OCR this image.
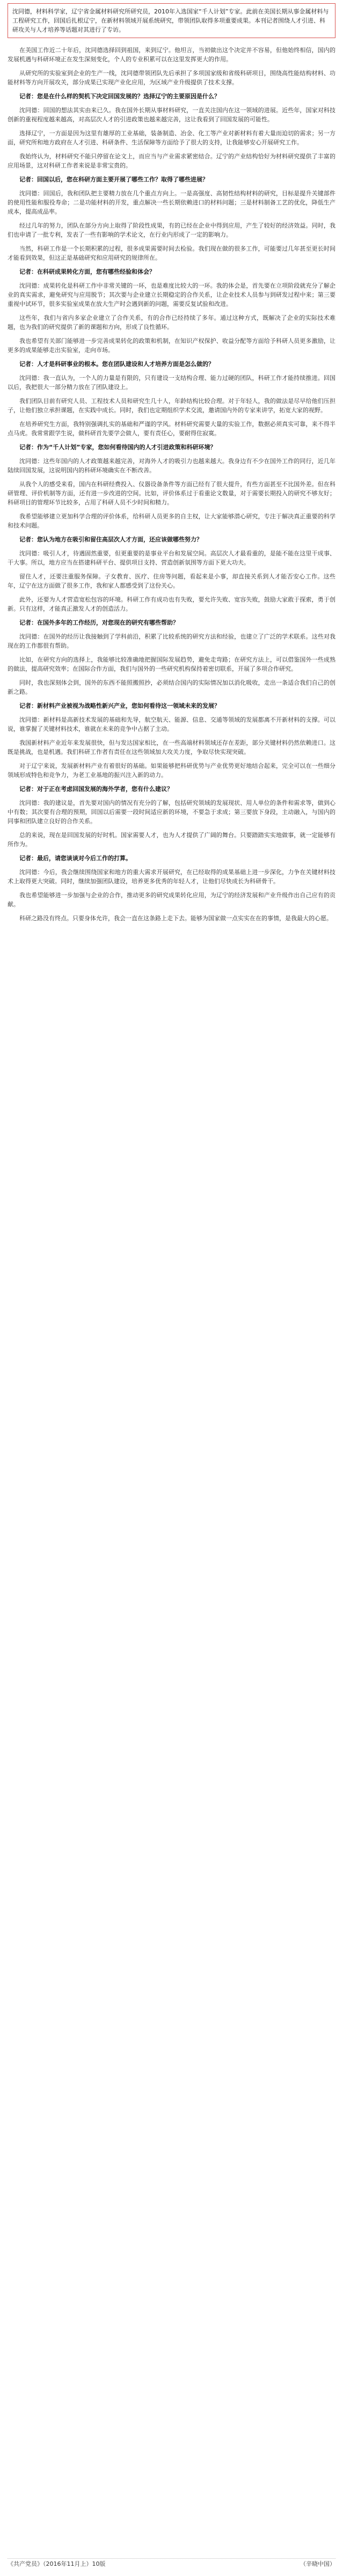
沈同德，材料科学家，辽宁省金属材料研究所研究员，2010年入选国家“千人计划”专家。此前在美国长期从事金属材料与工程研究工作，回国后扎根辽宁，在新材料领域开展系统研究，带领团队取得多项重要成果。本刊记者围绕人才引进、科研攻关与人才培养等话题对其进行了专访。

在美国工作近二十年后，沈同德选择回到祖国，来到辽宁。他坦言，当初做出这个决定并不容易，但他始终相信，国内的发展机遇与科研环境正在发生深刻变化，个人的专业积累可以在这里发挥更大的作用。

从研究所的实验室到企业的生产一线，沈同德带领团队先后承担了多项国家级和省级科研项目，围绕高性能结构材料、功能材料等方向开展攻关，部分成果已实现产业化应用，为区域产业升级提供了技术支撑。

记者：您是在什么样的契机下决定回国发展的？选择辽宁的主要原因是什么？

沈同德：回国的想法其实由来已久。我在国外长期从事材料研究，一直关注国内在这一领域的进展。近些年，国家对科技创新的重视程度越来越高，对高层次人才的引进政策也越来越完善，这让我看到了回国发展的可能性。

选择辽宁，一方面是因为这里有雄厚的工业基础，装备制造、冶金、化工等产业对新材料有着大量而迫切的需求；另一方面，研究所和地方政府在人才引进、科研条件、生活保障等方面给予了很大的支持，让我能够安心开展研究工作。

我始终认为，材料研究不能只停留在论文上，而应当与产业需求紧密结合。辽宁的产业结构恰好为材料研究提供了丰富的应用场景，这对科研工作者来说是非常宝贵的。

记者：回国以后，您在科研方面主要开展了哪些工作？取得了哪些进展？

沈同德：回国后，我和团队把主要精力放在几个重点方向上。一是高强度、高韧性结构材料的研究，目标是提升关键部件的使用性能和服役寿命；二是功能材料的开发，重点解决一些长期依赖进口的材料问题；三是材料制备工艺的优化，降低生产成本，提高成品率。

经过几年的努力，团队在部分方向上取得了阶段性成果，有的已经在企业中得到应用，产生了较好的经济效益。同时，我们也申请了一批专利，发表了一些有影响的学术论文，在行业内形成了一定的影响力。

当然，科研工作是一个长期积累的过程，很多成果需要时间去检验。我们现在做的很多工作，可能要过几年甚至更长时间才能看到效果，但这正是基础研究和应用研究的规律所在。

记者：在科研成果转化方面，您有哪些经验和体会？

沈同德：成果转化是科研工作中非常关键的一环，也是难度比较大的一环。我的体会是，首先要在立项阶段就充分了解企业的真实需求，避免研究与应用脱节；其次要与企业建立长期稳定的合作关系，让企业技术人员参与到研发过程中来；第三要重视中试环节，很多实验室成果在放大生产时会遇到新的问题，需要反复试验和改进。

这些年，我们与省内多家企业建立了合作关系，有的合作已经持续了多年。通过这种方式，既解决了企业的实际技术难题，也为我们的研究提供了新的课题和方向，形成了良性循环。

我也希望有关部门能够进一步完善成果转化的政策和机制，在知识产权保护、收益分配等方面给予科研人员更多激励，让更多的成果能够走出实验室，走向市场。

记者：人才是科研事业的根本。您在团队建设和人才培养方面是怎么做的？

沈同德：我一直认为，一个人的力量是有限的，只有建设一支结构合理、能力过硬的团队，科研工作才能持续推进。回国以后，我把很大一部分精力放在了团队建设上。

我们团队目前有研究人员、工程技术人员和研究生几十人，年龄结构比较合理。对于年轻人，我的做法是尽早给他们压担子，让他们独立承担课题，在实践中成长。同时，我们也定期组织学术交流，邀请国内外的专家来讲学，拓宽大家的视野。

在培养研究生方面，我特别强调扎实的基础和严谨的学风。材料研究需要大量的实验工作，数据必须真实可靠，来不得半点马虎。我常常跟学生说，做科研首先要学会做人，要有责任心，要耐得住寂寞。

记者：作为“千人计划”专家，您如何看待国内的人才引进政策和科研环境？

沈同德：这些年国内的人才政策越来越完善，对海外人才的吸引力也越来越大。我身边有不少在国外工作的同行，近几年陆续回国发展，这说明国内的科研环境确实在不断改善。

从我个人的感受来看，国内在科研经费投入、仪器设备条件等方面已经有了很大提升，有些方面甚至不比国外差。但在科研管理、评价机制等方面，还有进一步改进的空间。比如，评价体系过于看重论文数量，对于需要长期投入的研究不够友好；科研项目的管理环节比较多，占用了科研人员不少时间和精力。

我希望能够建立更加科学合理的评价体系，给科研人员更多的自主权，让大家能够潜心研究，专注于解决真正重要的科学和技术问题。

记者：您认为地方在吸引和留住高层次人才方面，还应该做哪些努力？

沈同德：吸引人才，待遇固然重要，但更重要的是事业平台和发展空间。高层次人才最看重的，是能不能在这里干成事、干大事。所以，地方应当在搭建科研平台、提供项目支持、营造创新氛围等方面下更大功夫。

留住人才，还要注重服务保障。子女教育、医疗、住房等问题，看起来是小事，却直接关系到人才能否安心工作。这些年，辽宁在这方面做了很多工作，我和家人都感受到了这份关心。

此外，还要为人才营造宽松包容的环境。科研工作有成功也有失败，要允许失败、宽容失败，鼓励大家敢于探索，勇于创新。只有这样，才能真正激发人才的创造活力。

记者：在国外多年的工作经历，对您现在的研究有哪些帮助？

沈同德：在国外的经历让我接触到了学科前沿，积累了比较系统的研究方法和经验，也建立了广泛的学术联系。这些对我现在的工作都很有帮助。

比如，在研究方向的选择上，我能够比较准确地把握国际发展趋势，避免走弯路；在研究方法上，可以借鉴国外一些成熟的做法，提高研究效率；在国际合作方面，我们与国外的一些研究机构保持着密切联系，开展了多项合作研究。

同时，我也深刻体会到，国外的东西不能照搬照抄，必须结合国内的实际情况加以消化吸收，走出一条适合我们自己的创新之路。

记者：新材料产业被视为战略性新兴产业，您如何看待这一领域未来的发展？

沈同德：新材料是高新技术发展的基础和先导，航空航天、能源、信息、交通等领域的发展都离不开新材料的支撑。可以说，谁掌握了关键材料技术，谁就在未来的竞争中占据了主动。

我国新材料产业近年来发展很快，但与发达国家相比，在一些高端材料领域还存在差距，部分关键材料仍然依赖进口。这既是挑战，也是机遇。我们科研工作者有责任在这些领域加大攻关力度，争取尽快实现突破。

对于辽宁来说，发展新材料产业有着很好的基础。如果能够把科研优势与产业优势更好地结合起来，完全可以在一些细分领域形成特色和竞争力，为老工业基地的振兴注入新的动力。

记者：对于正在考虑回国发展的海外学者，您有什么建议？

沈同德：我的建议是，首先要对国内的情况有充分的了解，包括研究领域的发展现状、用人单位的条件和需求等，做到心中有数；其次要有合理的预期，回国以后需要一段时间适应新的环境，不要急于求成；第三要放下身段，主动融入，与国内的同事和团队建立良好的合作关系。

总的来说，现在是回国发展的好时机。国家需要人才，也为人才提供了广阔的舞台。只要踏踏实实地做事，就一定能够有所作为。

记者：最后，请您谈谈对今后工作的打算。

沈同德：今后，我会继续围绕国家和地方的重大需求开展研究，在已经取得的成果基础上进一步深化，力争在关键材料技术上取得更大突破。同时，继续加强团队建设，培养更多优秀的年轻人才，让他们尽快成长为科研骨干。

我也希望能够进一步加强与企业的合作，推动更多的研究成果转化应用，为辽宁的经济发展和产业升级作出自己应有的贡献。

科研之路没有终点。只要身体允许，我会一直在这条路上走下去。能够为国家做一点实实在在的事情，是我最大的心愿。

《共产党员》（2016年11月上）10版	（辛晓中国）
